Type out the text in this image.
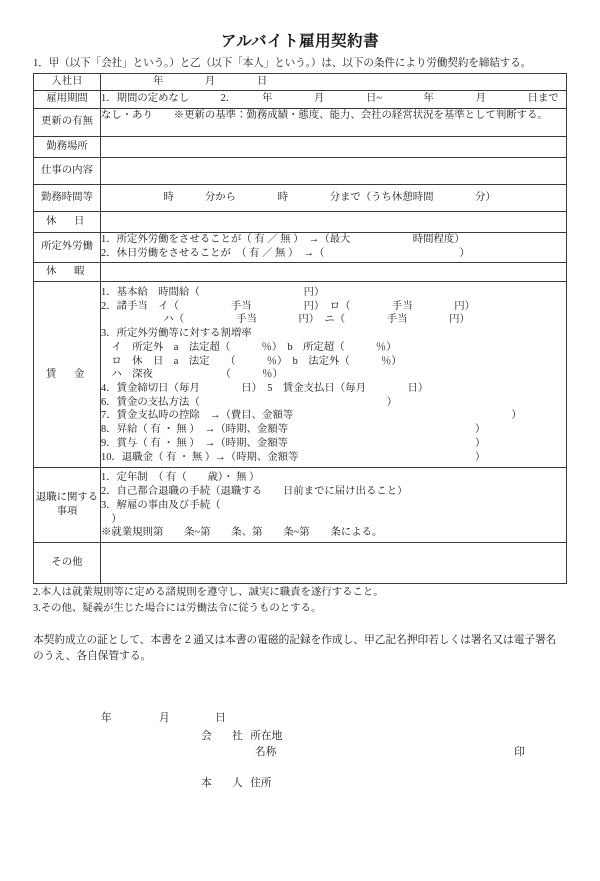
アルバイト雇用契約書
1．甲（以下「会社」という。）と乙（以下「本人」という。）は、以下の条件により労働契約を締結する。
入社日	　　　　　年　　　　月　　　　日

雇用期間	1．期間の定めなし　　　2．　　　年　　　　月　　　　日~　　　　年　　　　月　　　　日まで

更新の有無	なし・あり　　※更新の基準：勤務成績・態度、能力、会社の経営状況を基準として判断する。

勤務場所	

仕事の内容	

勤務時間等	　　　　　　時　　　分から　　　　時　　　　分まで（うち休憩時間　　　　分）

休　日	

所定外労働	1．所定外労働をさせることが（ 有 ／ 無 ）　→（最大　　　　　　時間程度）
2．休日労働をさせることが　（ 有 ／ 無 ）　→（　　　　　　　　　　　　　）

休　暇	

賃　金	
1．基本給　時間給（　　　　　　　　　　円）
2．諸手当　イ（　　　　　手当　　　　　円）　ロ（　　　　手当　　　　円）
　　　　　　ハ（　　　　　手当　　　　円）　ニ（　　　　手当　　　　円）
3．所定外労働等に対する割増率
　イ　所定外　a　法定超（　　　％）　b　所定超（　　　％）
　ロ　休　日　a　法定　　（　　　％）　b　法定外（　　　％）
　ハ　深夜　　　　　　　（　　　％）
4．賃金締切日（毎月　　　　日）　5　賃金支払日（毎月　　　　日）
6．賃金の支払方法（　　　　　　　　　　　　　　　　　　）
7．賃金支払時の控除　→（費目、金額等　　　　　　　　　　　　　　　　　　　　　）
8．昇給（ 有 ・ 無 ）　→（時期、金額等　　　　　　　　　　　　　　　　　　）
9．賞与（ 有 ・ 無 ）　→（時期、金額等　　　　　　　　　　　　　　　　　　）
10．退職金（ 有 ・ 無 ）→（時期、金額等　　　　　　　　　　　　　　　　　）

退職に関する事項	1．定年制　（ 有（　　歳）・ 無 ）
2．自己都合退職の手続（退職する　　日前までに届け出ること）
3．解雇の事由及び手続（
　）
※就業規則第　　条~第　　条、第　　条~第　　条による。

その他	
2.本人は就業規則等に定める諸規則を遵守し、誠実に職責を遂行すること。
3.その他、疑義が生じた場合には労働法令に従うものとする。
本契約成立の証として、本書を２通又は本書の電磁的記録を作成し、甲乙記名押印若しくは署名又は電子署名のうえ、各自保管する。
年	月	日
会　社 所在地
名称	印
本　人 住所
